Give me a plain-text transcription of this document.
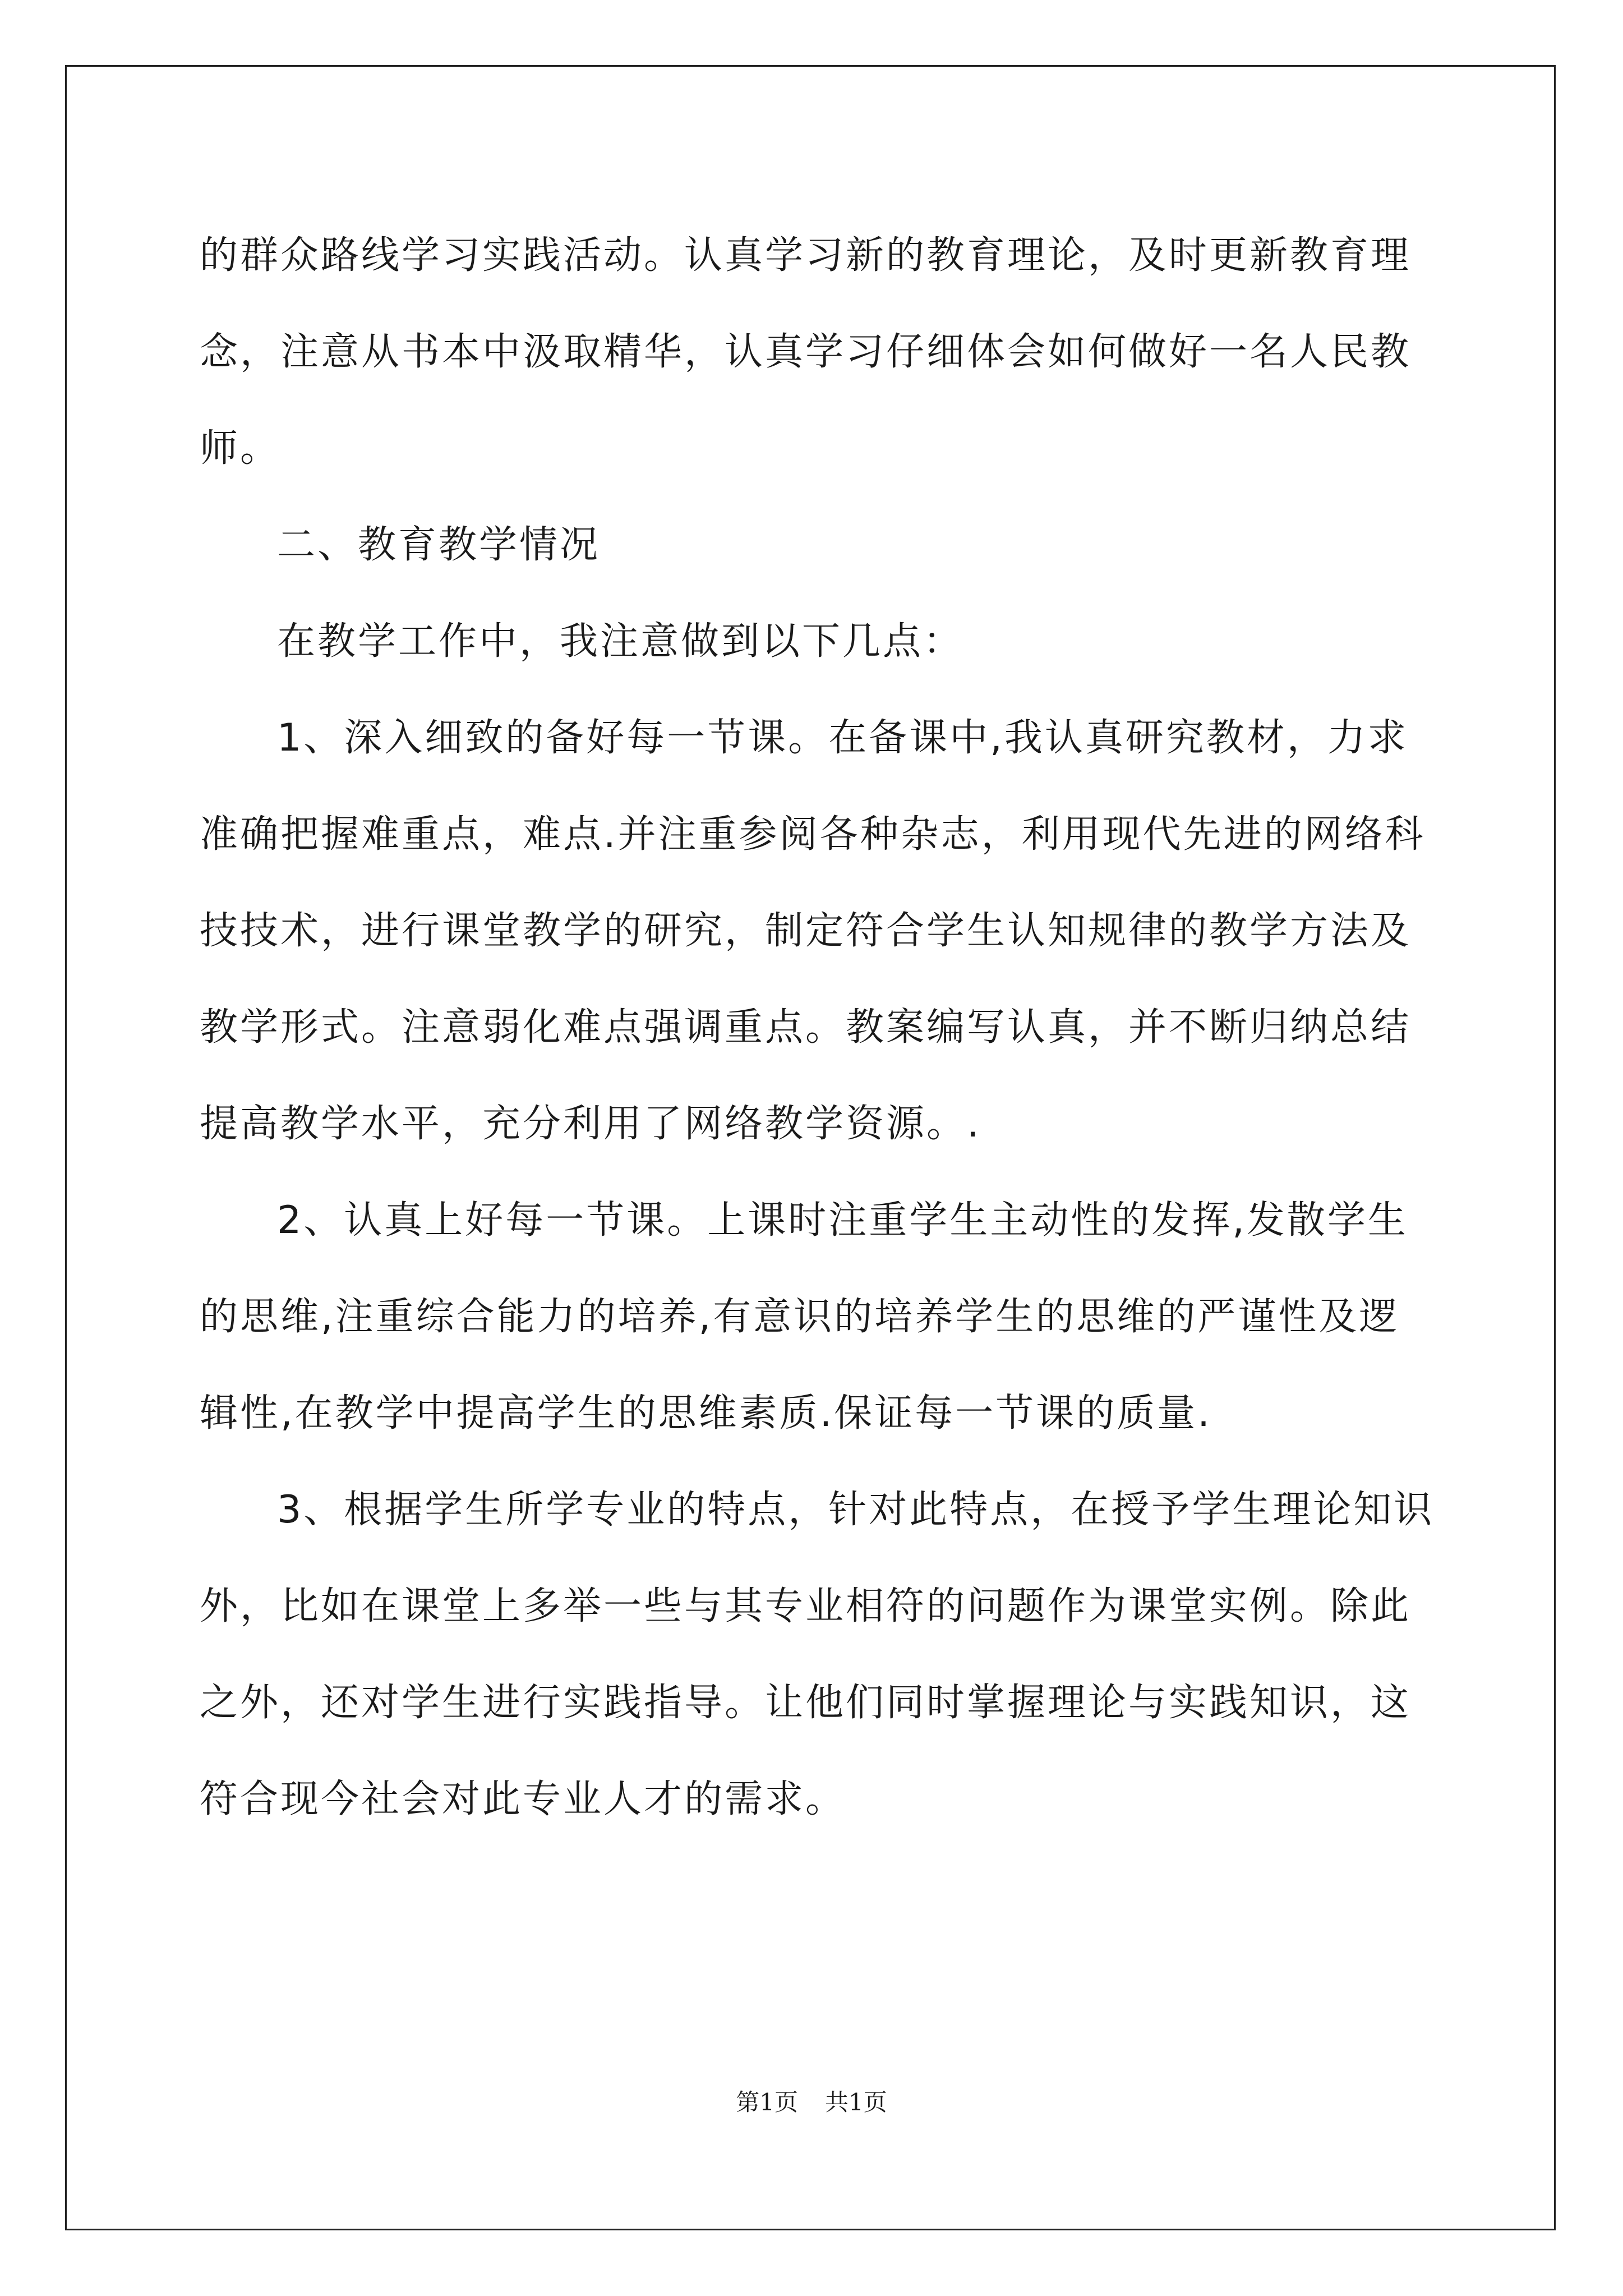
的群众路线学习实践活动。认真学习新的教育理论，及时更新教育理
念，注意从书本中汲取精华，认真学习仔细体会如何做好一名人民教
师。
二、教育教学情况
在教学工作中，我注意做到以下几点：
1、深入细致的备好每一节课。在备课中,我认真研究教材，力求
准确把握难重点，难点.并注重参阅各种杂志，利用现代先进的网络科
技技术，进行课堂教学的研究，制定符合学生认知规律的教学方法及
教学形式。注意弱化难点强调重点。教案编写认真，并不断归纳总结
提高教学水平，充分利用了网络教学资源。.
2、认真上好每一节课。上课时注重学生主动性的发挥,发散学生
的思维,注重综合能力的培养,有意识的培养学生的思维的严谨性及逻
辑性,在教学中提高学生的思维素质.保证每一节课的质量.
3、根据学生所学专业的特点，针对此特点，在授予学生理论知识
外，比如在课堂上多举一些与其专业相符的问题作为课堂实例。除此
之外，还对学生进行实践指导。让他们同时掌握理论与实践知识，这
符合现今社会对此专业人才的需求。
第1页 共1页
